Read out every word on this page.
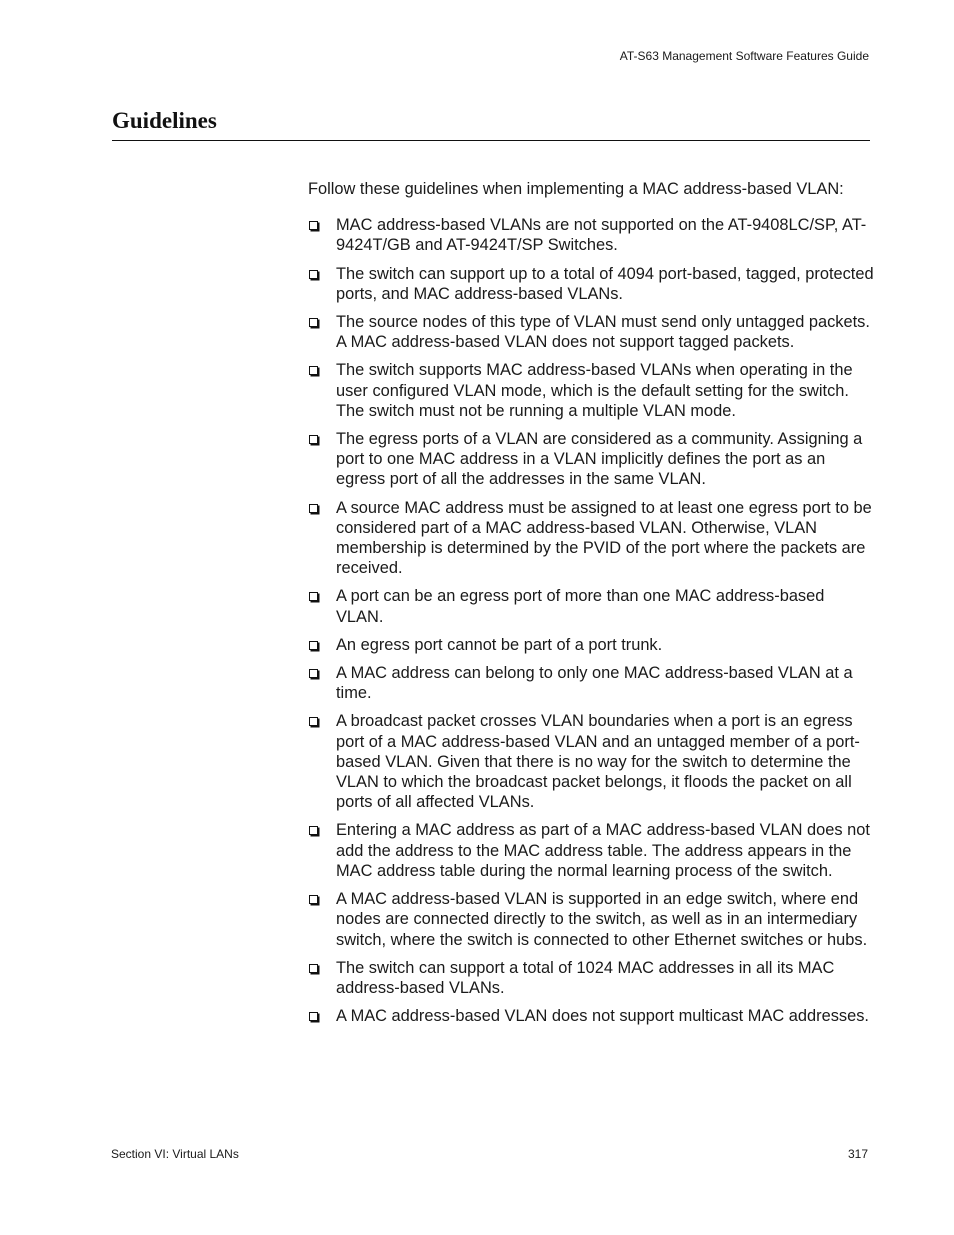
AT-S63 Management Software Features Guide
Guidelines

Follow these guidelines when implementing a MAC address-based VLAN:

MAC address-based VLANs are not supported on the AT-9408LC/SP, AT-9424T/GB and AT-9424T/SP Switches.
The switch can support up to a total of 4094 port-based, tagged, protected ports, and MAC address-based VLANs.
The source nodes of this type of VLAN must send only untagged packets. A MAC address-based VLAN does not support tagged packets.
The switch supports MAC address-based VLANs when operating in the user configured VLAN mode, which is the default setting for the switch. The switch must not be running a multiple VLAN mode.
The egress ports of a VLAN are considered as a community. Assigning a port to one MAC address in a VLAN implicitly defines the port as an egress port of all the addresses in the same VLAN.
A source MAC address must be assigned to at least one egress port to be considered part of a MAC address-based VLAN. Otherwise, VLAN membership is determined by the PVID of the port where the packets are received.
A port can be an egress port of more than one MAC address-based VLAN.
An egress port cannot be part of a port trunk.
A MAC address can belong to only one MAC address-based VLAN at a time.
A broadcast packet crosses VLAN boundaries when a port is an egress port of a MAC address-based VLAN and an untagged member of a port-based VLAN. Given that there is no way for the switch to determine the VLAN to which the broadcast packet belongs, it floods the packet on all ports of all affected VLANs.
Entering a MAC address as part of a MAC address-based VLAN does not add the address to the MAC address table. The address appears in the MAC address table during the normal learning process of the switch.
A MAC address-based VLAN is supported in an edge switch, where end nodes are connected directly to the switch, as well as in an intermediary switch, where the switch is connected to other Ethernet switches or hubs.
The switch can support a total of 1024 MAC addresses in all its MAC address-based VLANs.
A MAC address-based VLAN does not support multicast MAC addresses.
Section VI: Virtual LANs	317
